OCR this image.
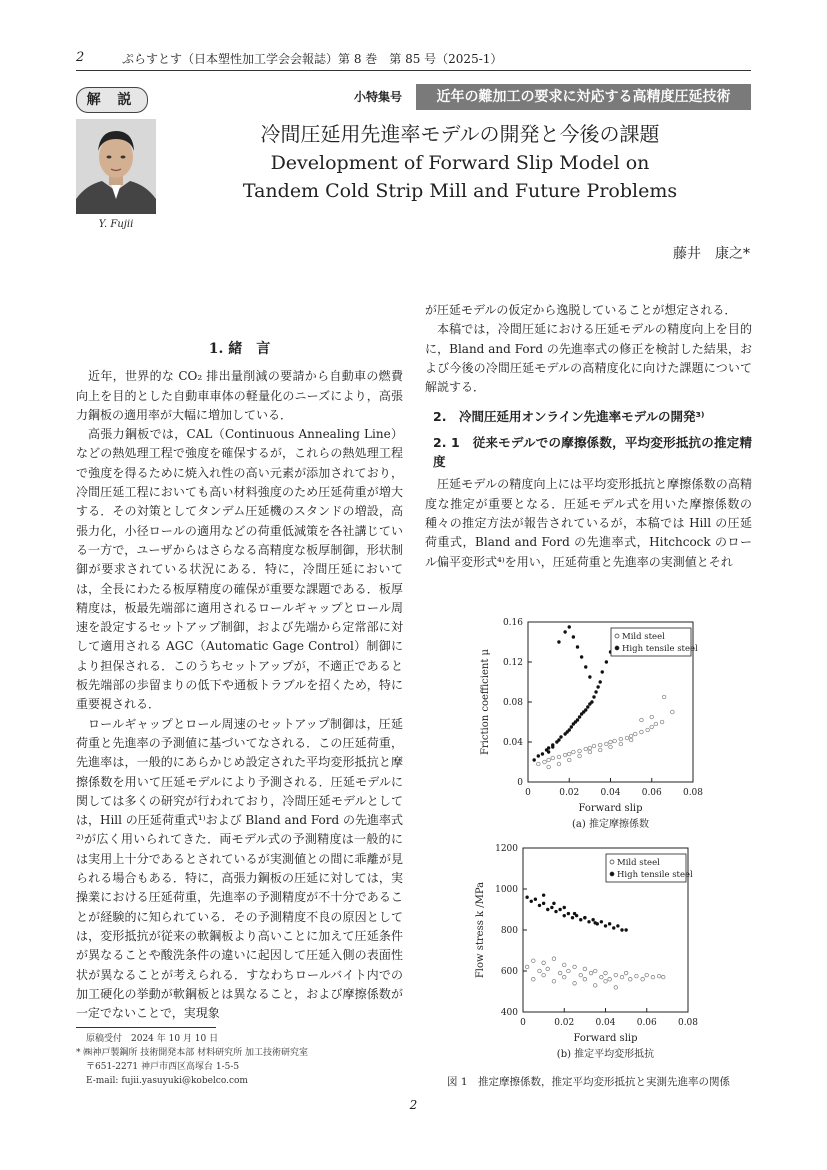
2	ぷらすとす（日本塑性加工学会会報誌）第 8 巻　第 85 号（2025-1）
解 説	小特集号	近年の難加工の要求に対応する高精度圧延技術
Y. Fujii
冷間圧延用先進率モデルの開発と今後の課題
Development of Forward Slip Model on
Tandem Cold Strip Mill and Future Problems
藤井　康之*

1. 緒　言

近年，世界的な CO₂ 排出量削減の要請から自動車の燃費向上を目的とした自動車車体の軽量化のニーズにより，高張力鋼板の適用率が大幅に増加している．

高張力鋼板では，CAL（Continuous Annealing Line）などの熱処理工程で強度を確保するが，これらの熱処理工程で強度を得るために焼入れ性の高い元素が添加されており，冷間圧延工程においても高い材料強度のため圧延荷重が増大する．その対策としてタンデム圧延機のスタンドの増設，高張力化，小径ロールの適用などの荷重低減策を各社講じている一方で，ユーザからはさらなる高精度な板厚制御，形状制御が要求されている状況にある．特に，冷間圧延においては，全長にわたる板厚精度の確保が重要な課題である．板厚精度は，板最先端部に適用されるロールギャップとロール周速を設定するセットアップ制御，および先端から定常部に対して適用される AGC（Automatic Gage Control）制御により担保される．このうちセットアップが，不適正であると板先端部の歩留まりの低下や通板トラブルを招くため，特に重要視される．

ロールギャップとロール周速のセットアップ制御は，圧延荷重と先進率の予測値に基づいてなされる．この圧延荷重，先進率は，一般的にあらかじめ設定された平均変形抵抗と摩擦係数を用いて圧延モデルにより予測される．圧延モデルに関しては多くの研究が行われており，冷間圧延モデルとしては，Hill の圧延荷重式¹⁾および Bland and Ford の先進率式²⁾が広く用いられてきた．両モデル式の予測精度は一般的には実用上十分であるとされているが実測値との間に乖離が見られる場合もある．特に，高張力鋼板の圧延に対しては，実操業における圧延荷重，先進率の予測精度が不十分であることが経験的に知られている．その予測精度不良の原因としては，変形抵抗が従来の軟鋼板より高いことに加えて圧延条件が異なることや酸洗条件の違いに起因して圧延入側の表面性状が異なることが考えられる．すなわちロールバイト内での加工硬化の挙動が軟鋼板とは異なること，および摩擦係数が一定でないことで，実現象

が圧延モデルの仮定から逸脱していることが想定される．

本稿では，冷間圧延における圧延モデルの精度向上を目的に，Bland and Ford の先進率式の修正を検討した結果，および今後の冷間圧延モデルの高精度化に向けた課題について解説する．

2.　冷間圧延用オンライン先進率モデルの開発³⁾

2. 1　従来モデルでの摩擦係数，平均変形抵抗の推定精度

圧延モデルの精度向上には平均変形抵抗と摩擦係数の高精度な推定が重要となる．圧延モデル式を用いた摩擦係数の種々の推定方法が報告されているが，本稿では Hill の圧延荷重式，Bland and Ford の先進率式，Hitchcock のロール偏平変形式⁴⁾を用い，圧延荷重と先進率の実測値とそれ

0	0.02 0.04 0.06 0.08
0
0.04
0.08
0.12
0.16
Forward slip
Friction coefficient μ
(a) 推定摩擦係数
Mild steel
High tensile steel
0	0.02 0.04 0.06 0.08
400
600
800
1000
1200
Forward slip
Flow stress k /MPa
(b) 推定平均変形抵抗
Mild steel
High tensile steel
図 1　推定摩擦係数，推定平均変形抵抗と実測先進率の関係
原稿受付　2024 年 10 月 10 日
* ㈱神戸製鋼所 技術開発本部 材料研究所 加工技術研究室
〒651-2271 神戸市西区高塚台 1-5-5
E-mail: fujii.yasuyuki@kobelco.com
2
